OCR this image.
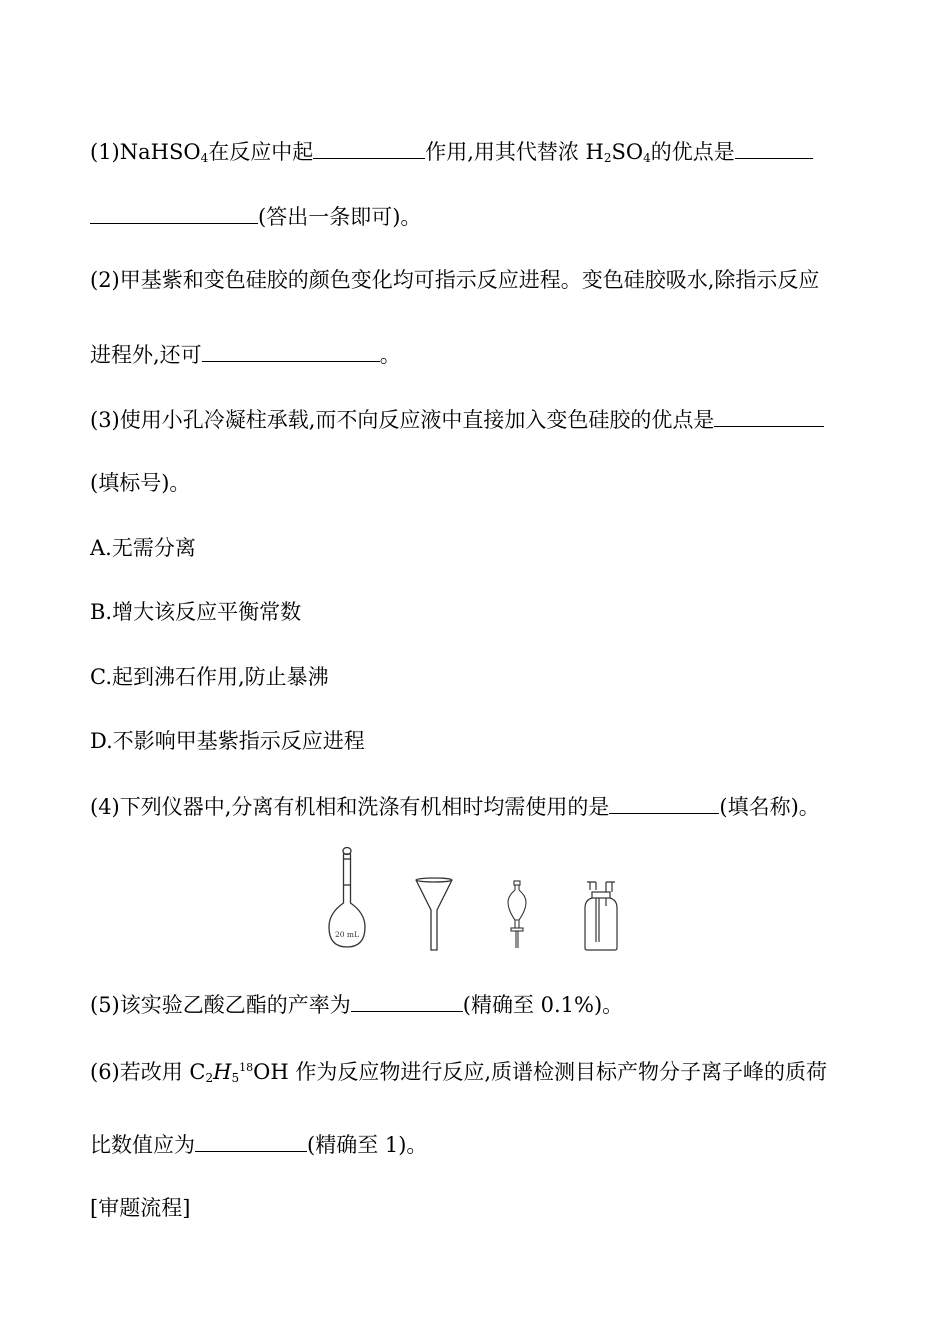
(1)NaHSO$_4$在反应中起	作用,用其代替浓 $H_2SO_4$的优点是
(答出一条即可)。
(2)甲基紫和变色硅胶的颜色变化均可指示反应进程。变色硅胶吸水,除指示反应
进程外,还可	。
(3)使用小孔冷凝柱承载,而不向反应液中直接加入变色硅胶的优点是
(填标号)。
A.无需分离
B.增大该反应平衡常数
C.起到沸石作用,防止暴沸
D.不影响甲基紫指示反应进程
(4)下列仪器中,分离有机相和洗涤有机相时均需使用的是	(填名称)。
20 mL
(5)该实验乙酸乙酯的产率为	(精确至 0.1%)。
(6)若改用 $C_2H_5^{18}OH$ 作为反应物进行反应,质谱检测目标产物分子离子峰的质荷
比数值应为	(精确至 1)。
[审题流程]
